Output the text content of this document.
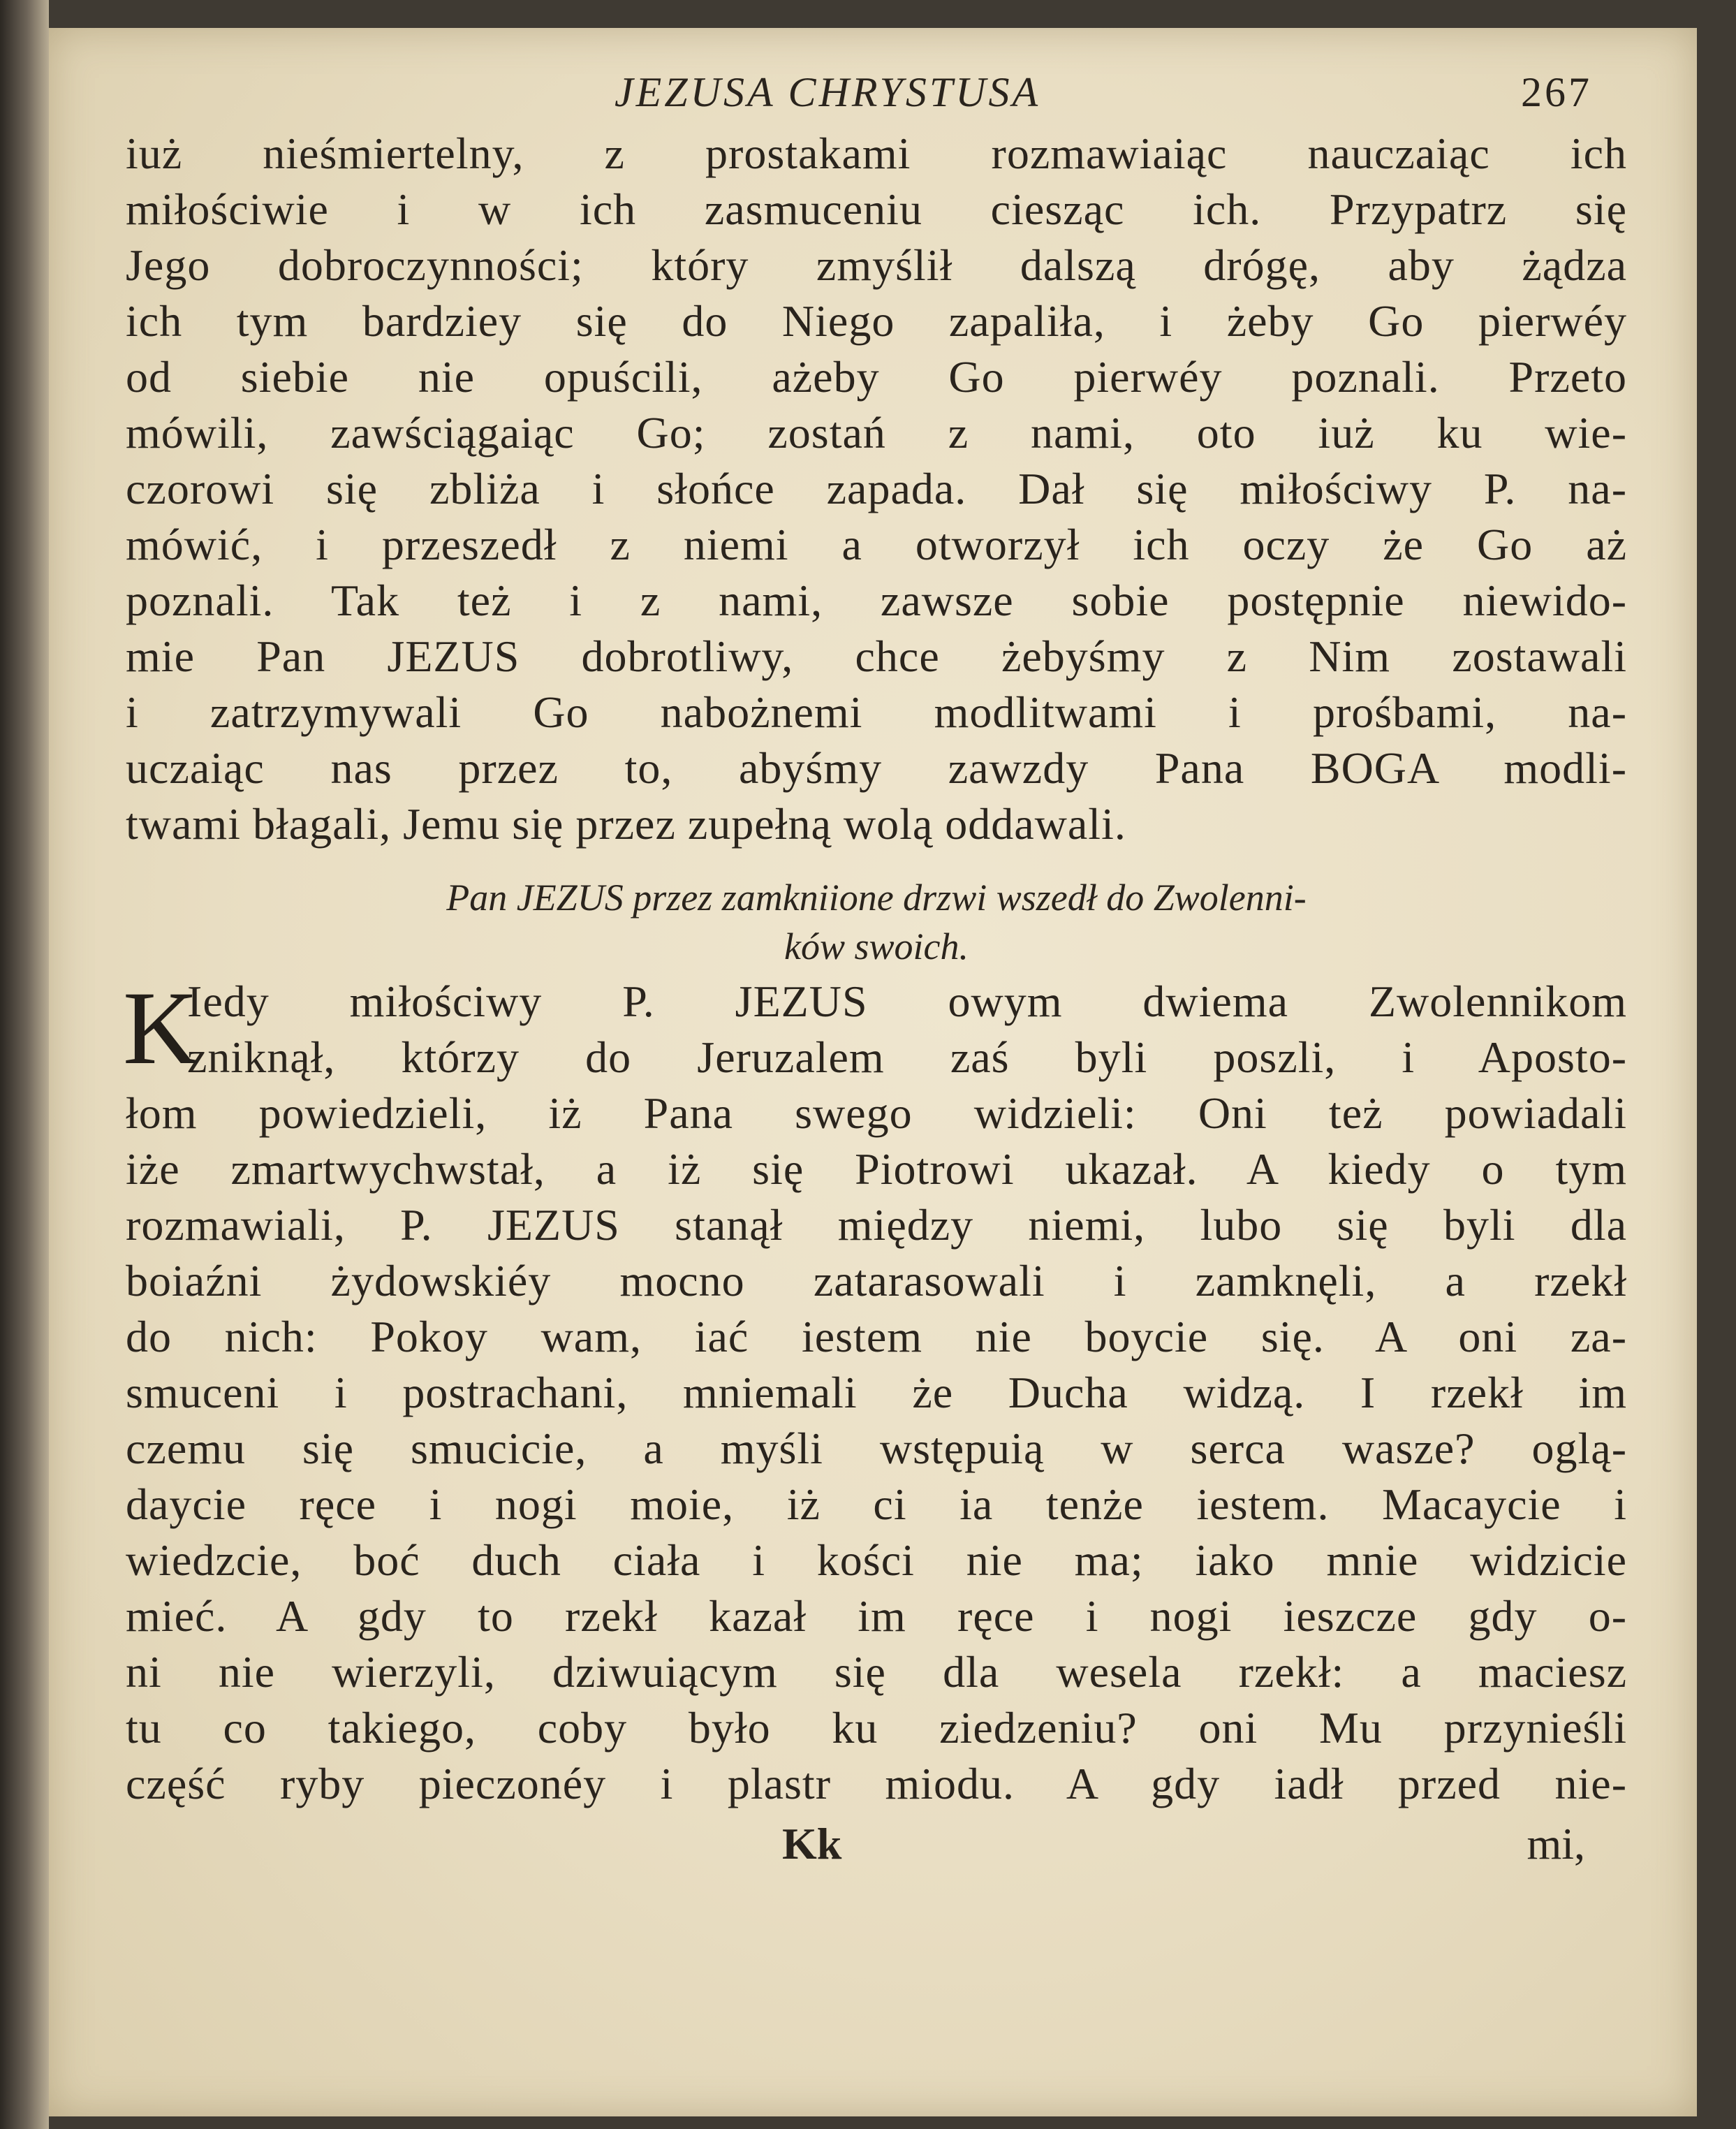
JEZUSA CHRYSTUSA	267
iuż nieśmiertelny, z prostakami rozmawiaiąc nauczaiąc ich
miłościwie i w ich zasmuceniu ciesząc ich. Przypatrz się
Jego dobroczynności; który zmyślił dalszą drógę, aby żądza
ich tym bardziey się do Niego zapaliła, i żeby Go pierwéy
od siebie nie opuścili, ażeby Go pierwéy poznali. Przeto
mówili, zawściągaiąc Go; zostań z nami, oto iuż ku wie-
czorowi się zbliża i słońce zapada. Dał się miłościwy P. na-
mówić, i przeszedł z niemi a otworzył ich oczy że Go aż
poznali. Tak też i z nami, zawsze sobie postępnie niewido-
mie Pan JEZUS dobrotliwy, chce żebyśmy z Nim zostawali
i zatrzymywali Go nabożnemi modlitwami i prośbami, na-
uczaiąc nas przez to, abyśmy zawzdy Pana BOGA modli-
twami błagali, Jemu się przez zupełną wolą oddawali.
Pan JEZUS przez zamkniione drzwi wszedł do Zwolenni-
ków swoich.
K
Iedy miłościwy P. JEZUS owym dwiema Zwolennikom
zniknął, którzy do Jeruzalem zaś byli poszli, i Aposto-
łom powiedzieli, iż Pana swego widzieli: Oni też powiadali
iże zmartwychwstał, a iż się Piotrowi ukazał. A kiedy o tym
rozmawiali, P. JEZUS stanął między niemi, lubo się byli dla
boiaźni żydowskiéy mocno zatarasowali i zamknęli, a rzekł
do nich: Pokoy wam, iać iestem nie boycie się. A oni za-
smuceni i postrachani, mniemali że Ducha widzą. I rzekł im
czemu się smucicie, a myśli wstępuią w serca wasze? oglą-
daycie ręce i nogi moie, iż ci ia tenże iestem. Macaycie i
wiedzcie, boć duch ciała i kości nie ma; iako mnie widzicie
mieć. A gdy to rzekł kazał im ręce i nogi ieszcze gdy o-
ni nie wierzyli, dziwuiącym się dla wesela rzekł: a maciesz
tu co takiego, coby było ku ziedzeniu? oni Mu przynieśli
część ryby pieczonéy i plastr miodu. A gdy iadł przed nie-
Kk	mi,
